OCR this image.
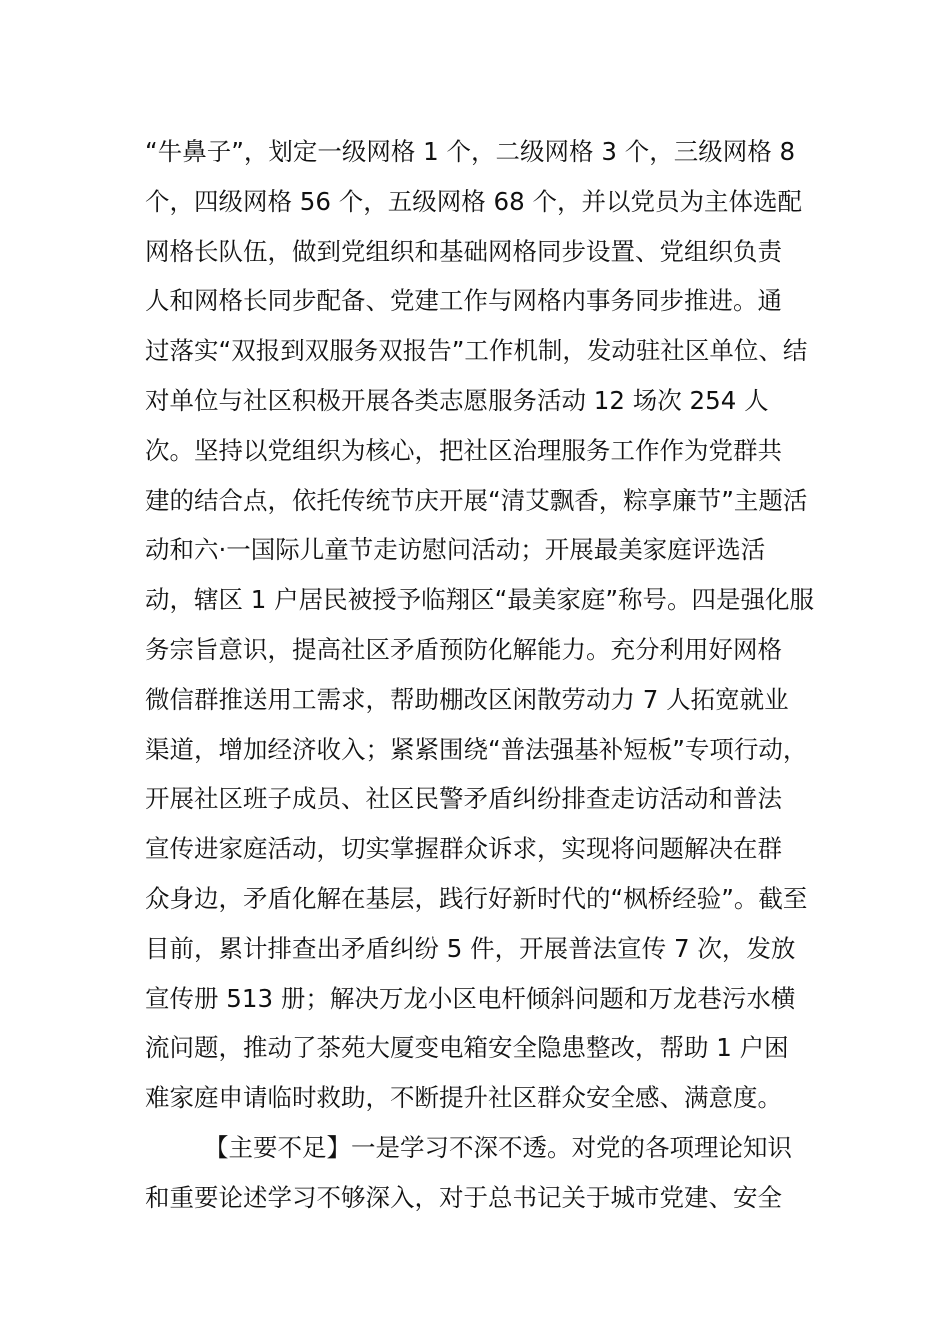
“牛鼻子”，划定一级网格 1 个，二级网格 3 个，三级网格 8
个，四级网格 56 个，五级网格 68 个，并以党员为主体选配
网格长队伍，做到党组织和基础网格同步设置、党组织负责
人和网格长同步配备、党建工作与网格内事务同步推进。通
过落实“双报到双服务双报告”工作机制，发动驻社区单位、结
对单位与社区积极开展各类志愿服务活动 12 场次 254 人
次。坚持以党组织为核心，把社区治理服务工作作为党群共
建的结合点，依托传统节庆开展“清艾飘香，粽享廉节”主题活
动和六·一国际儿童节走访慰问活动；开展最美家庭评选活
动，辖区 1 户居民被授予临翔区“最美家庭”称号。四是强化服
务宗旨意识，提高社区矛盾预防化解能力。充分利用好网格
微信群推送用工需求，帮助棚改区闲散劳动力 7 人拓宽就业
渠道，增加经济收入；紧紧围绕“普法强基补短板”专项行动，
开展社区班子成员、社区民警矛盾纠纷排查走访活动和普法
宣传进家庭活动，切实掌握群众诉求，实现将问题解决在群
众身边，矛盾化解在基层，践行好新时代的“枫桥经验”。截至
目前，累计排查出矛盾纠纷 5 件，开展普法宣传 7 次，发放
宣传册 513 册；解决万龙小区电杆倾斜问题和万龙巷污水横
流问题，推动了茶苑大厦变电箱安全隐患整改，帮助 1 户困
难家庭申请临时救助，不断提升社区群众安全感、满意度。
【主要不足】一是学习不深不透。对党的各项理论知识
和重要论述学习不够深入，对于总书记关于城市党建、安全
